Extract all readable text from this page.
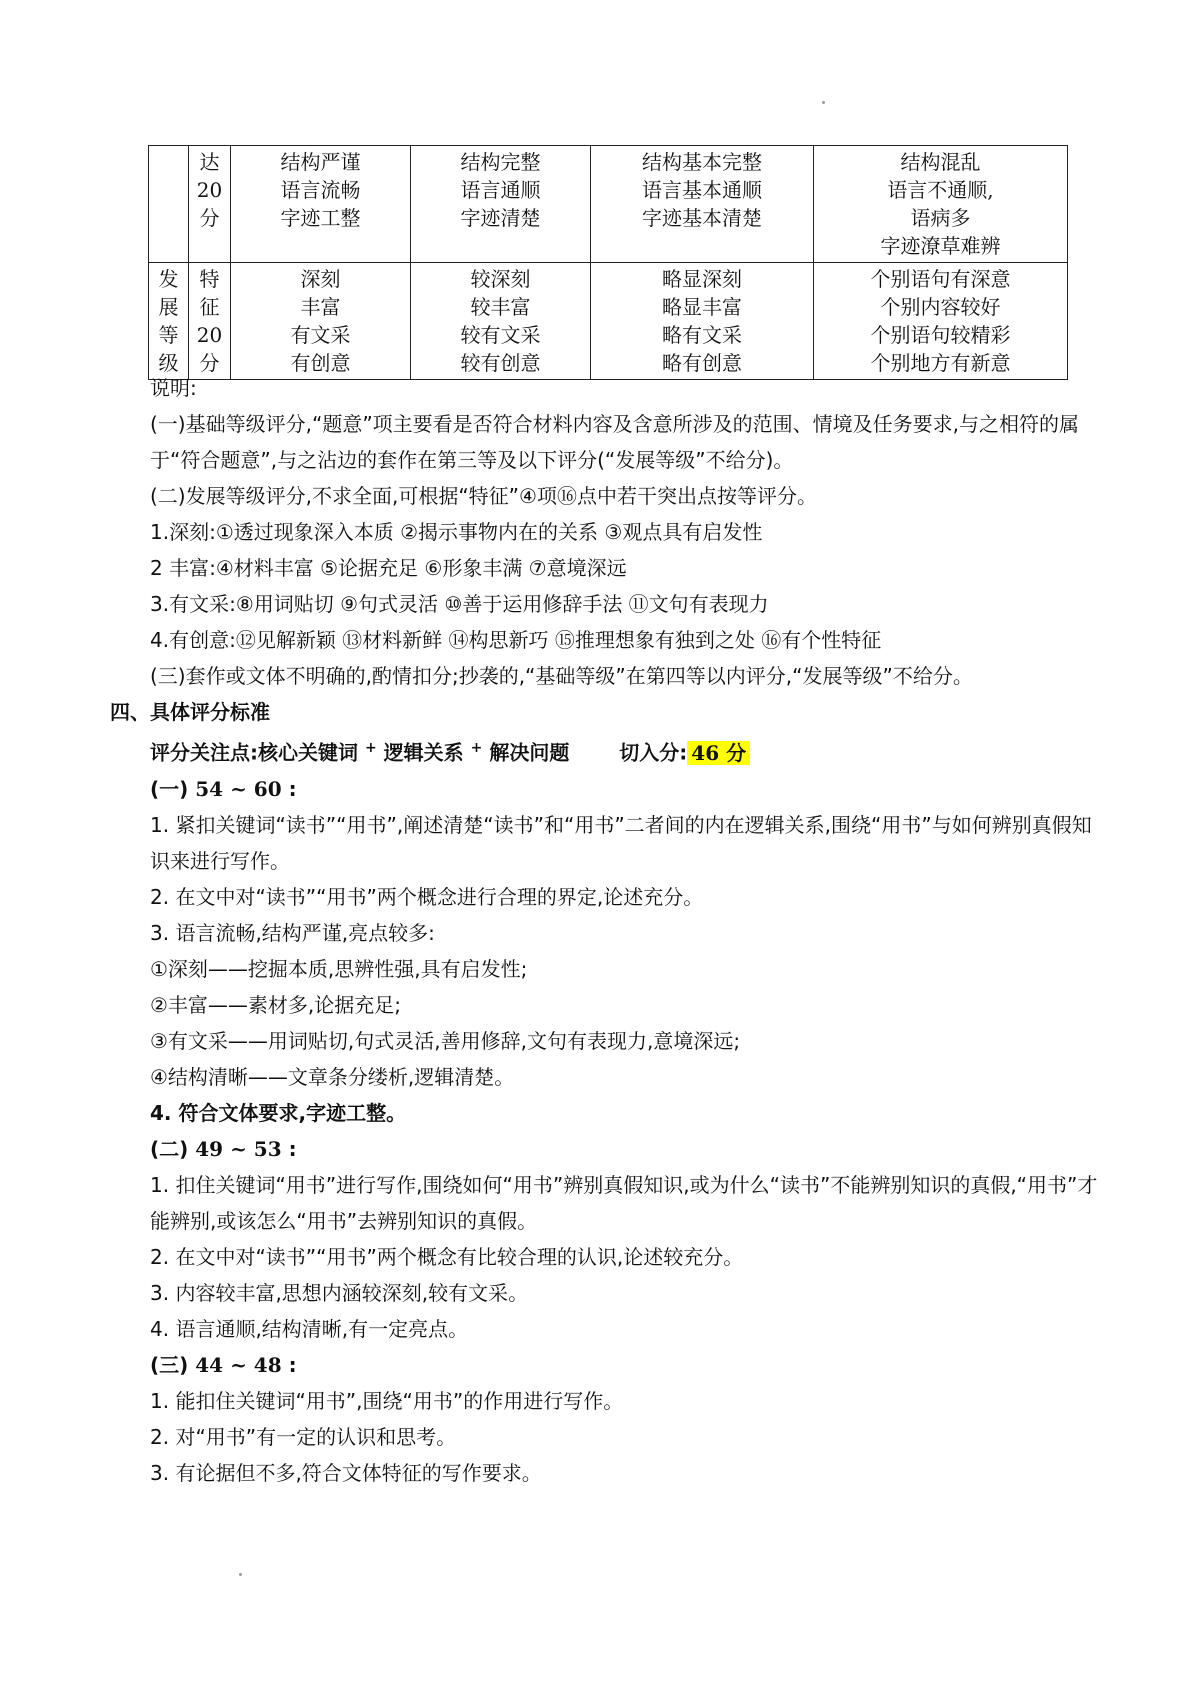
	达
20
分	结构严谨
语言流畅
字迹工整	结构完整
语言通顺
字迹清楚	结构基本完整
语言基本通顺
字迹基本清楚	结构混乱
语言不通顺,
语病多
字迹潦草难辨

发
展
等
级	特
征
20
分	深刻
丰富
有文采
有创意	较深刻
较丰富
较有文采
较有创意	略显深刻
略显丰富
略有文采
略有创意	个别语句有深意
个别内容较好
个别语句较精彩
个别地方有新意

说明:

(一)基础等级评分,“题意”项主要看是否符合材料内容及含意所涉及的范围、情境及任务要求,与之相符的属于“符合题意”,与之沾边的套作在第三等及以下评分(“发展等级”不给分)。

(二)发展等级评分,不求全面,可根据“特征”④项⑯点中若干突出点按等评分。

1.深刻:①透过现象深入本质 ②揭示事物内在的关系 ③观点具有启发性

2 丰富:④材料丰富 ⑤论据充足 ⑥形象丰满 ⑦意境深远

3.有文采:⑧用词贴切 ⑨句式灵活 ⑩善于运用修辞手法 ⑪文句有表现力

4.有创意:⑫见解新颖 ⑬材料新鲜 ⑭构思新巧 ⑮推理想象有独到之处 ⑯有个性特征

(三)套作或文体不明确的,酌情扣分;抄袭的,“基础等级”在第四等以内评分,“发展等级”不给分。

四、具体评分标准

评分关注点:核心关键词 + 逻辑关系 + 解决问题 切入分: 46 分

(一) 54 ~ 60 :

1. 紧扣关键词“读书”“用书”,阐述清楚“读书”和“用书”二者间的内在逻辑关系,围绕“用书”与如何辨别真假知识来进行写作。

2. 在文中对“读书”“用书”两个概念进行合理的界定,论述充分。

3. 语言流畅,结构严谨,亮点较多:

①深刻——挖掘本质,思辨性强,具有启发性;

②丰富——素材多,论据充足;

③有文采——用词贴切,句式灵活,善用修辞,文句有表现力,意境深远;

④结构清晰——文章条分缕析,逻辑清楚。

4. 符合文体要求,字迹工整。

(二) 49 ~ 53 :

1. 扣住关键词“用书”进行写作,围绕如何“用书”辨别真假知识,或为什么“读书”不能辨别知识的真假,“用书”才能辨别,或该怎么“用书”去辨别知识的真假。

2. 在文中对“读书”“用书”两个概念有比较合理的认识,论述较充分。

3. 内容较丰富,思想内涵较深刻,较有文采。

4. 语言通顺,结构清晰,有一定亮点。

(三) 44 ~ 48 :

1. 能扣住关键词“用书”,围绕“用书”的作用进行写作。

2. 对“用书”有一定的认识和思考。

3. 有论据但不多,符合文体特征的写作要求。
